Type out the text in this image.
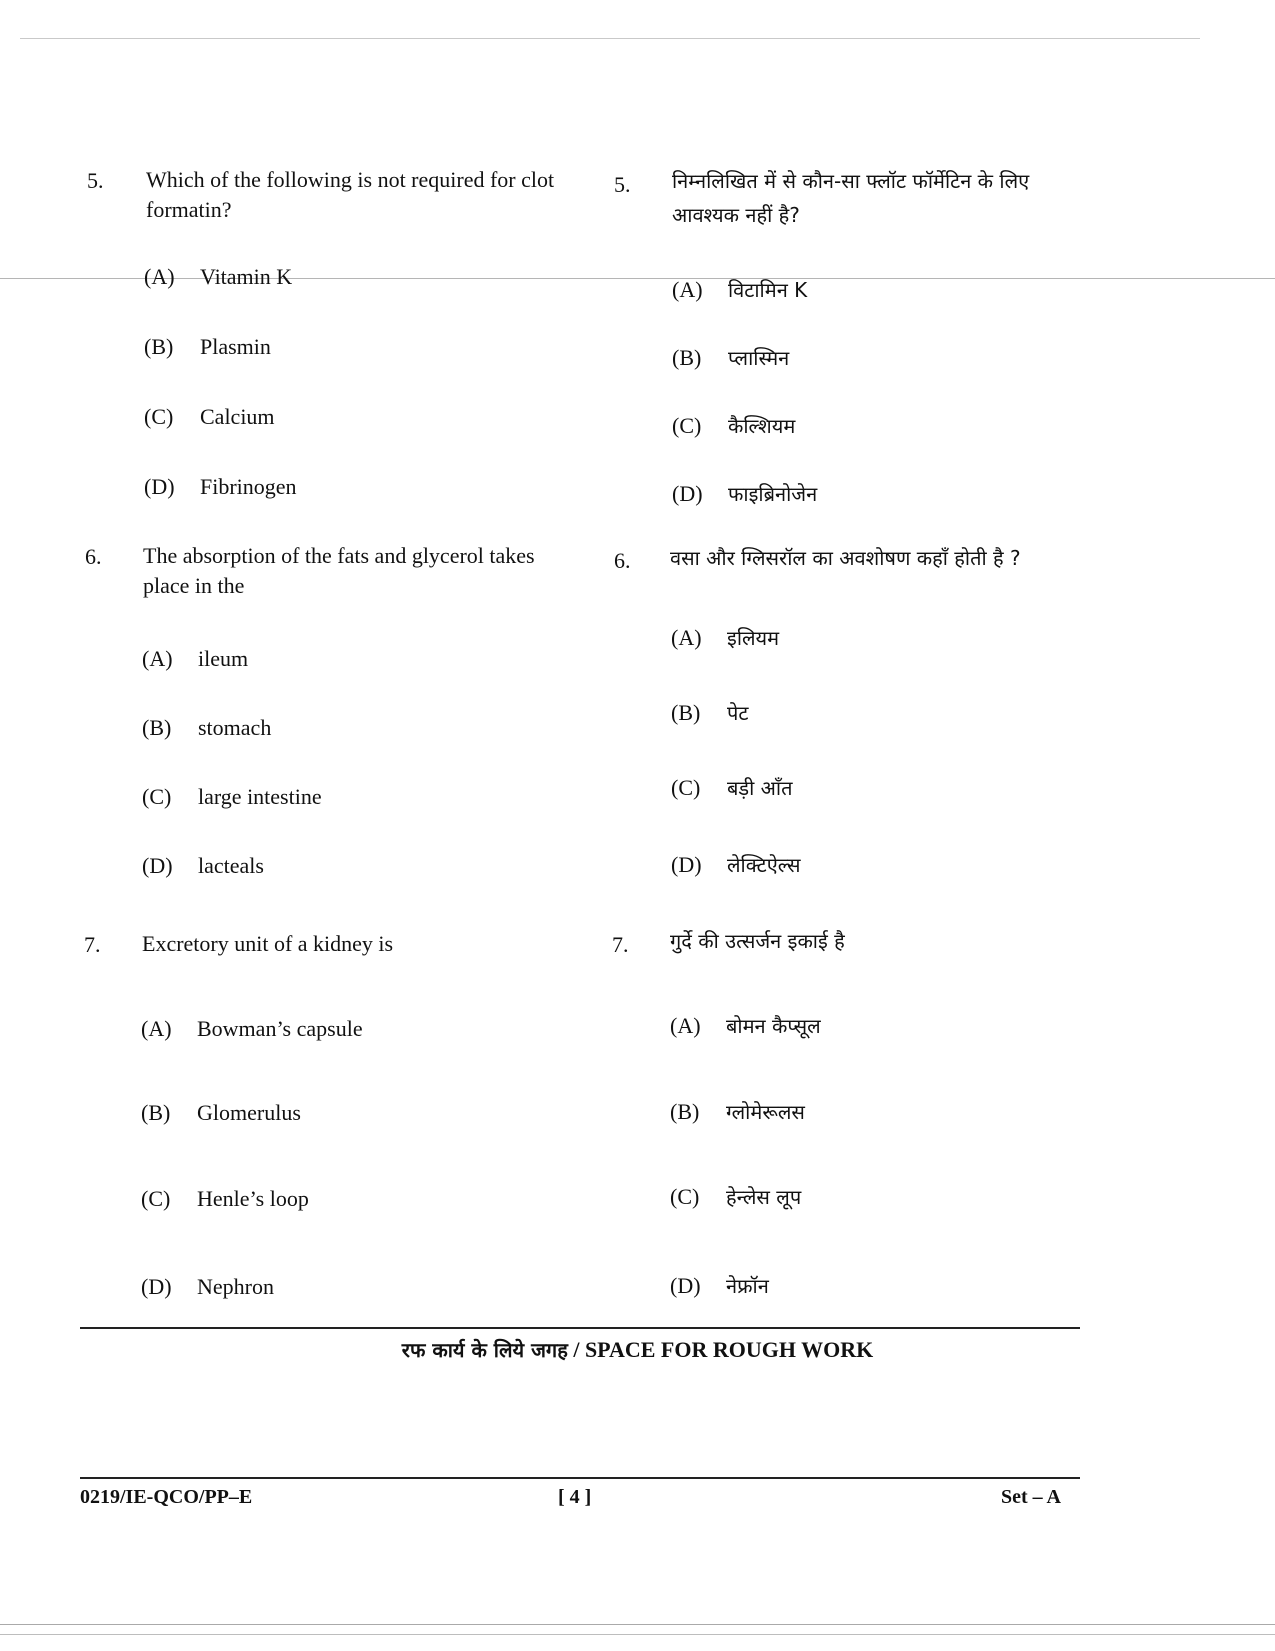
5. Which of the following is not required for clot
formatin?
(A)	Vitamin K
(B)	Plasmin
(C)	Calcium
(D)	Fibrinogen
6. The absorption of the fats and glycerol takes
place in the
(A)	ileum
(B)	stomach
(C)	large intestine
(D)	lacteals
7. Excretory unit of a kidney is
(A)	Bowman’s capsule
(B)	Glomerulus
(C)	Henle’s loop
(D)	Nephron
5. निम्नलिखित में से कौन-सा फ्लॉट फॉर्मेटिन के लिए
आवश्यक नहीं है?
(A)	विटामिन K
(B)	प्लास्मिन
(C)	कैल्शियम
(D)	फाइब्रिनोजेन
6. वसा और ग्लिसरॉल का अवशोषण कहाँ होती है ?
(A)	इलियम
(B)	पेट
(C)	बड़ी आँत
(D)	लेक्टिऐल्स
7. गुर्दे की उत्सर्जन इकाई है
(A)	बोमन कैप्सूल
(B)	ग्लोमेरूलस
(C)	हेन्लेस लूप
(D)	नेफ्रॉन
रफ कार्य के लिये जगह / SPACE FOR ROUGH WORK
0219/IE-QCO/PP–E	[ 4 ]	Set – A
